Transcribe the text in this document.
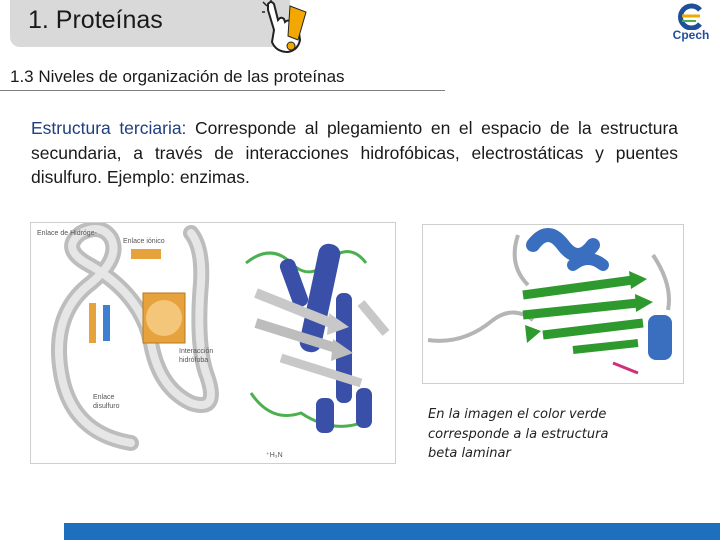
1. Proteínas
Cpech
1.3 Niveles de organización de las proteínas
Estructura terciaria: Corresponde al plegamiento en el espacio de la estructura secundaria, a través de interacciones hidrofóbicas, electrostáticas y puentes disulfuro. Ejemplo: enzimas.
Enlace de Hidróge-
Enlace iónico
Interacción
hidrófoba
Enlace
disulfuro
⁺H₃N
En la imagen el color verde corresponde a la estructura beta laminar
